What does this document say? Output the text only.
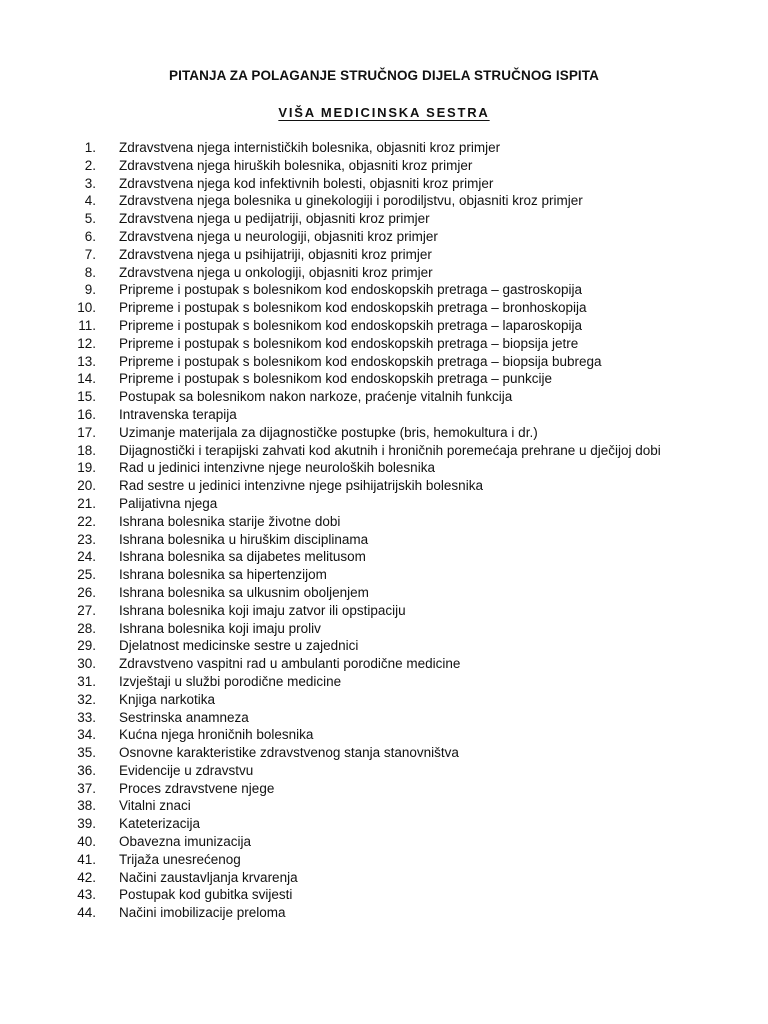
PITANJA ZA POLAGANJE STRUČNOG DIJELA STRUČNOG ISPITA
VIŠA MEDICINSKA SESTRA
1. Zdravstvena njega internističkih bolesnika, objasniti kroz primjer
2. Zdravstvena njega hiruških bolesnika, objasniti kroz primjer
3. Zdravstvena njega kod infektivnih bolesti, objasniti kroz primjer
4. Zdravstvena njega bolesnika u ginekologiji i porodiljstvu, objasniti kroz primjer
5. Zdravstvena njega u pedijatriji, objasniti kroz primjer
6. Zdravstvena njega u neurologiji, objasniti kroz primjer
7. Zdravstvena njega u psihijatriji, objasniti kroz primjer
8. Zdravstvena njega u onkologiji, objasniti kroz primjer
9. Pripreme i postupak s bolesnikom kod endoskopskih pretraga – gastroskopija
10. Pripreme i postupak s bolesnikom kod endoskopskih pretraga – bronhoskopija
11. Pripreme i postupak s bolesnikom kod endoskopskih pretraga – laparoskopija
12. Pripreme i postupak s bolesnikom kod endoskopskih pretraga – biopsija jetre
13. Pripreme i postupak s bolesnikom kod endoskopskih pretraga – biopsija bubrega
14. Pripreme i postupak s bolesnikom kod endoskopskih pretraga – punkcije
15. Postupak sa bolesnikom nakon narkoze, praćenje vitalnih funkcija
16. Intravenska terapija
17. Uzimanje materijala za dijagnostičke postupke (bris, hemokultura i dr.)
18. Dijagnostički i terapijski zahvati kod akutnih i hroničnih poremećaja prehrane u dječijoj dobi
19. Rad u jedinici intenzivne njege neuroloških bolesnika
20. Rad sestre u jedinici intenzivne njege psihijatrijskih bolesnika
21. Palijativna njega
22. Ishrana bolesnika starije životne dobi
23. Ishrana bolesnika u hiruškim disciplinama
24. Ishrana bolesnika sa dijabetes melitusom
25. Ishrana bolesnika sa hipertenzijom
26. Ishrana bolesnika sa ulkusnim oboljenjem
27. Ishrana bolesnika koji imaju zatvor ili opstipaciju
28. Ishrana bolesnika koji imaju proliv
29. Djelatnost medicinske sestre u zajednici
30. Zdravstveno vaspitni rad u ambulanti porodične medicine
31. Izvještaji u službi porodične medicine
32. Knjiga narkotika
33. Sestrinska anamneza
34. Kućna njega hroničnih bolesnika
35. Osnovne karakteristike zdravstvenog stanja stanovništva
36. Evidencije u zdravstvu
37. Proces zdravstvene njege
38. Vitalni znaci
39. Kateterizacija
40. Obavezna imunizacija
41. Trijaža unesrećenog
42. Načini zaustavljanja krvarenja
43. Postupak kod gubitka svijesti
44. Načini imobilizacije preloma
